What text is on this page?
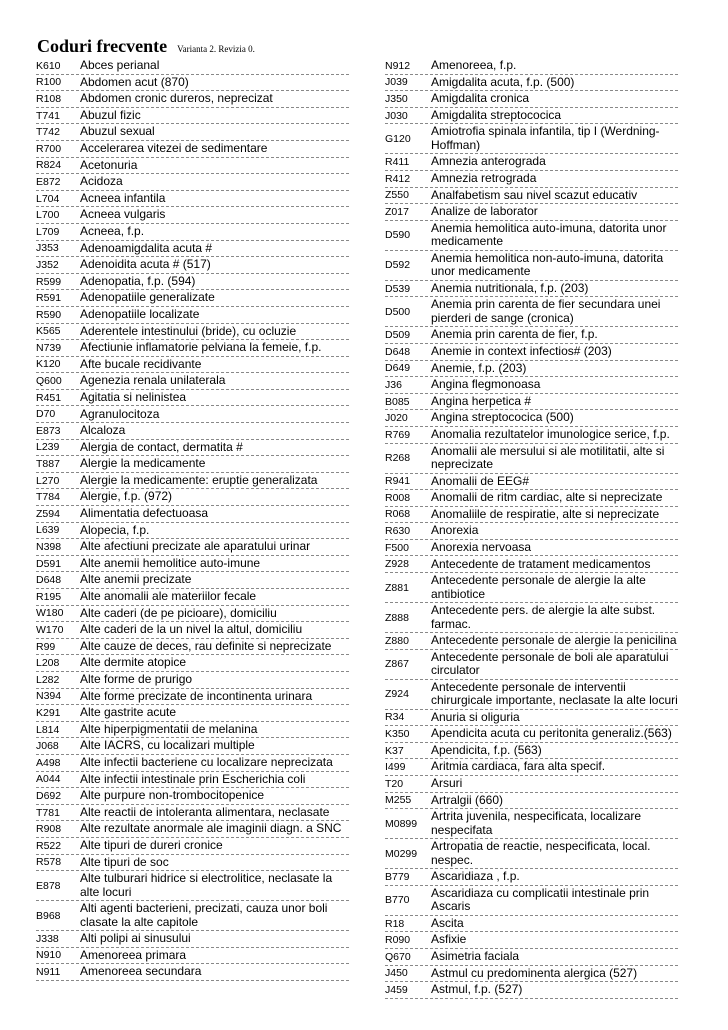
Coduri frecvente Varianta 2. Revizia 0.
K610	Abces perianal
R100	Abdomen acut (870)
R108	Abdomen cronic dureros, neprecizat
T741	Abuzul fizic
T742	Abuzul sexual
R700	Accelerarea vitezei de sedimentare
R824	Acetonuria
E872	Acidoza
L704	Acneea infantila
L700	Acneea vulgaris
L709	Acneea, f.p.
J353	Adenoamigdalita acuta #
J352	Adenoidita acuta # (517)
R599	Adenopatia, f.p. (594)
R591	Adenopatiile generalizate
R590	Adenopatiile localizate
K565	Aderentele intestinului (bride), cu ocluzie
N739	Afectiunie inflamatorie pelviana la femeie, f.p.
K120	Afte bucale recidivante
Q600	Agenezia renala unilaterala
R451	Agitatia si nelinistea
D70	Agranulocitoza
E873	Alcaloza
L239	Alergia de contact, dermatita #
T887	Alergie la medicamente
L270	Alergie la medicamente: eruptie generalizata
T784	Alergie, f.p. (972)
Z594	Alimentatia defectuoasa
L639	Alopecia, f.p.
N398	Alte afectiuni precizate ale aparatului urinar
D591	Alte anemii hemolitice auto-imune
D648	Alte anemii precizate
R195	Alte anomalii ale materiilor fecale
W180	Alte caderi (de pe picioare), domiciliu
W170	Alte caderi de la un nivel la altul, domiciliu
R99	Alte cauze de deces, rau definite si neprecizate
L208	Alte dermite atopice
L282	Alte forme de prurigo
N394	Alte forme precizate de incontinenta urinara
K291	Alte gastrite acute
L814	Alte hiperpigmentatii de melanina
J068	Alte IACRS, cu localizari multiple
A498	Alte infectii bacteriene cu localizare neprecizata
A044	Alte infectii intestinale prin Escherichia coli
D692	Alte purpure non-trombocitopenice
T781	Alte reactii de intoleranta alimentara, neclasate
R908	Alte rezultate anormale ale imaginii diagn. a SNC
R522	Alte tipuri de dureri cronice
R578	Alte tipuri de soc
E878
Alte tulburari hidrice si electrolitice, neclasate la alte locuri
B968
Alti agenti bacterieni, precizati, cauza unor boli clasate la alte capitole
J338	Alti polipi ai sinusului
N910	Amenoreea primara
N911	Amenoreea secundara
N912	Amenoreea, f.p.
J039	Amigdalita acuta, f.p. (500)
J350	Amigdalita cronica
J030	Amigdalita streptococica
G120
Amiotrofia spinala infantila, tip I (Werdning-Hoffman)
R411	Amnezia anterograda
R412	Amnezia retrograda
Z550	Analfabetism sau nivel scazut educativ
Z017	Analize de laborator
D590
Anemia hemolitica auto-imuna, datorita unor medicamente
D592
Anemia hemolitica non-auto-imuna, datorita unor medicamente
D539	Anemia nutritionala, f.p. (203)
D500
Anemia prin carenta de fier secundara unei pierderi de sange (cronica)
D509	Anemia prin carenta de fier, f.p.
D648	Anemie in context infectios# (203)
D649	Anemie, f.p. (203)
J36	Angina flegmonoasa
B085	Angina herpetica #
J020	Angina streptococica (500)
R769	Anomalia rezultatelor imunologice serice, f.p.
R268
Anomalii ale mersului si ale motilitatii, alte si neprecizate
R941	Anomalii de EEG#
R008	Anomalii de ritm cardiac, alte si neprecizate
R068	Anomaliile de respiratie, alte si neprecizate
R630	Anorexia
F500	Anorexia nervoasa
Z928	Antecedente de tratament medicamentos
Z881
Antecedente personale de alergie la alte antibiotice
Z888
Antecedente pers. de alergie la alte subst. farmac.
Z880	Antecedente personale de alergie la penicilina
Z867
Antecedente personale de boli ale aparatului circulator
Z924
Antecedente personale de interventii chirurgicale importante, neclasate la alte locuri
R34	Anuria si oliguria
K350	Apendicita acuta cu peritonita generaliz.(563)
K37	Apendicita, f.p. (563)
I499	Aritmia cardiaca, fara alta specif.
T20	Arsuri
M255	Artralgii (660)
M0899
Artrita juvenila, nespecificata, localizare nespecifata
M0299
Artropatia de reactie, nespecificata, local. nespec.
B779	Ascaridiaza , f.p.
B770
Ascaridiaza cu complicatii intestinale prin Ascaris
R18	Ascita
R090	Asfixie
Q670	Asimetria faciala
J450	Astmul cu predominenta alergica (527)
J459	Astmul, f.p. (527)
